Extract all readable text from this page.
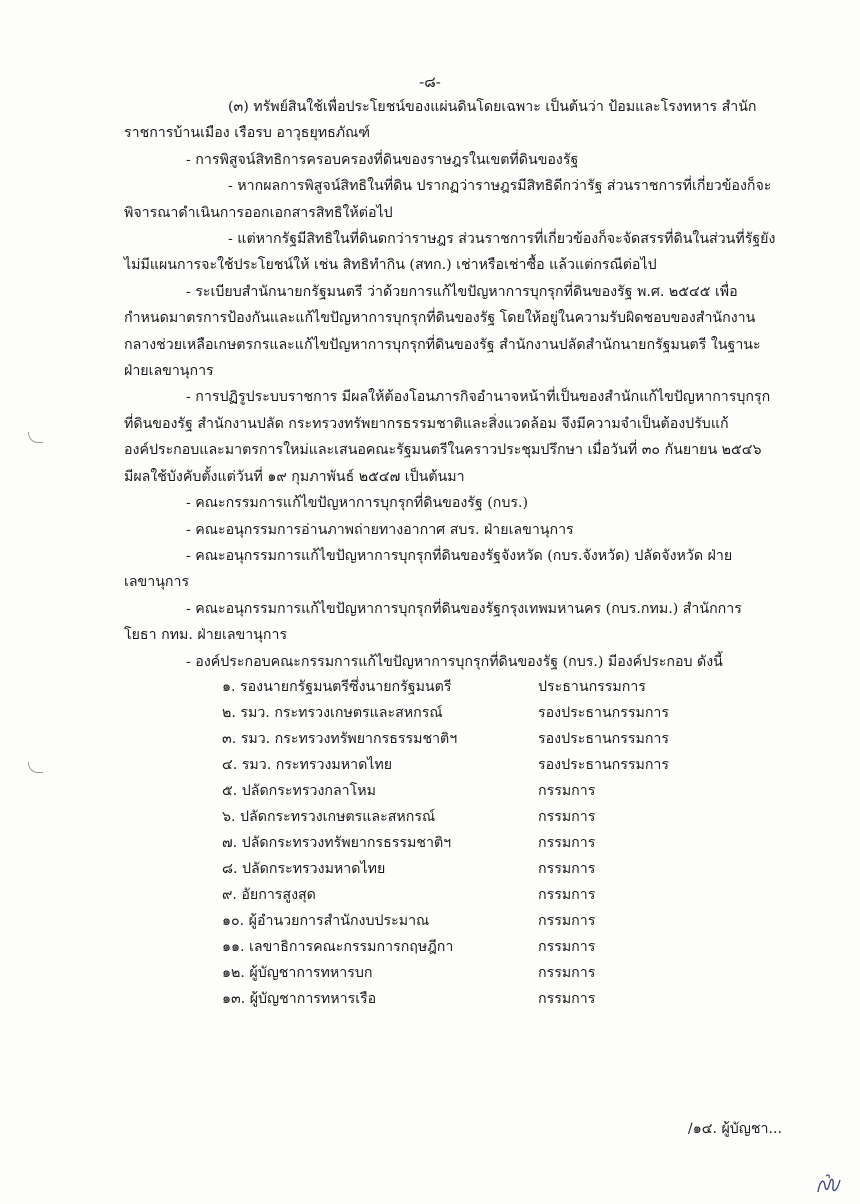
-๘-
(๓) ทรัพย์สินใช้เพื่อประโยชน์ของแผ่นดินโดยเฉพาะ เป็นต้นว่า ป้อมและโรงทหาร สำนัก
ราชการบ้านเมือง เรือรบ อาวุธยุทธภัณฑ์
- การพิสูจน์สิทธิการครอบครองที่ดินของราษฎรในเขตที่ดินของรัฐ
- หากผลการพิสูจน์สิทธิในที่ดิน ปรากฏว่าราษฎรมีสิทธิดีกว่ารัฐ ส่วนราชการที่เกี่ยวข้องก็จะ
พิจารณาดำเนินการออกเอกสารสิทธิให้ต่อไป
- แต่หากรัฐมีสิทธิในที่ดินดกว่าราษฎร ส่วนราชการที่เกี่ยวข้องก็จะจัดสรรที่ดินในส่วนที่รัฐยัง
ไม่มีแผนการจะใช้ประโยชน์ให้ เช่น สิทธิทำกิน (สทก.) เช่าหรือเช่าซื้อ แล้วแต่กรณีต่อไป
- ระเบียบสำนักนายกรัฐมนตรี ว่าด้วยการแก้ไขปัญหาการบุกรุกที่ดินของรัฐ พ.ศ. ๒๕๔๕ เพื่อ
กำหนดมาตรการป้องกันและแก้ไขปัญหาการบุกรุกที่ดินของรัฐ โดยให้อยู่ในความรับผิดชอบของสำนักงาน
กลางช่วยเหลือเกษตรกรและแก้ไขปัญหาการบุกรุกที่ดินของรัฐ สำนักงานปลัดสำนักนายกรัฐมนตรี ในฐานะ
ฝ่ายเลขานุการ
- การปฏิรูประบบราชการ มีผลให้ต้องโอนภารกิจอำนาจหน้าที่เป็นของสำนักแก้ไขปัญหาการบุกรุก
ที่ดินของรัฐ สำนักงานปลัด กระทรวงทรัพยากรธรรมชาติและสิ่งแวดล้อม จึงมีความจำเป็นต้องปรับแก้
องค์ประกอบและมาตรการใหม่และเสนอคณะรัฐมนตรีในคราวประชุมปรึกษา เมื่อวันที่ ๓๐ กันยายน ๒๕๔๖
มีผลใช้บังคับตั้งแต่วันที่ ๑๙ กุมภาพันธ์ ๒๕๔๗ เป็นต้นมา
- คณะกรรมการแก้ไขปัญหาการบุกรุกที่ดินของรัฐ (กบร.)
- คณะอนุกรรมการอ่านภาพถ่ายทางอากาศ สบร. ฝ่ายเลขานุการ
- คณะอนุกรรมการแก้ไขปัญหาการบุกรุกที่ดินของรัฐจังหวัด (กบร.จังหวัด) ปลัดจังหวัด ฝ่าย
เลขานุการ
- คณะอนุกรรมการแก้ไขปัญหาการบุกรุกที่ดินของรัฐกรุงเทพมหานคร (กบร.กทม.) สำนักการ
โยธา กทม. ฝ่ายเลขานุการ
- องค์ประกอบคณะกรรมการแก้ไขปัญหาการบุกรุกที่ดินของรัฐ (กบร.) มีองค์ประกอบ ดังนี้
๑. รองนายกรัฐมนตรีซึ่งนายกรัฐมนตรี	ประธานกรรมการ
๒. รมว. กระทรวงเกษตรและสหกรณ์	รองประธานกรรมการ
๓. รมว. กระทรวงทรัพยากรธรรมชาติฯ	รองประธานกรรมการ
๔. รมว. กระทรวงมหาดไทย	รองประธานกรรมการ
๕. ปลัดกระทรวงกลาโหม	กรรมการ
๖. ปลัดกระทรวงเกษตรและสหกรณ์	กรรมการ
๗. ปลัดกระทรวงทรัพยากรธรรมชาติฯ	กรรมการ
๘. ปลัดกระทรวงมหาดไทย	กรรมการ
๙. อัยการสูงสุด	กรรมการ
๑๐. ผู้อำนวยการสำนักงบประมาณ	กรรมการ
๑๑. เลขาธิการคณะกรรมการกฤษฎีกา	กรรมการ
๑๒. ผู้บัญชาการทหารบก	กรรมการ
๑๓. ผู้บัญชาการทหารเรือ	กรรมการ
/๑๔. ผู้บัญชา...
